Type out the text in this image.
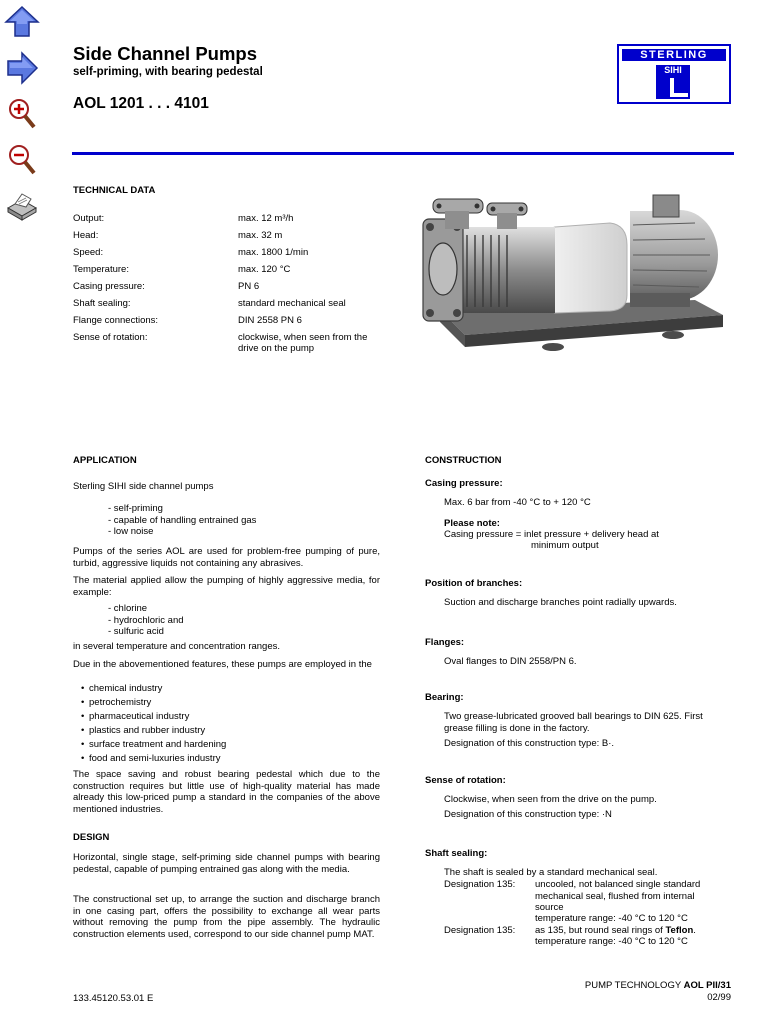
Side Channel Pumps
self-priming, with bearing pedestal
AOL 1201 . . . 4101
STERLING
SIHI
TECHNICAL DATA
Output:	max. 12 m³/h
Head:	max. 32 m
Speed:	max. 1800 1/min
Temperature:	max. 120 °C
Casing pressure:	PN 6
Shaft sealing:	standard mechanical seal
Flange connections:	DIN 2558 PN 6
Sense of rotation:	clockwise, when seen from the
drive on the pump
APPLICATION
Sterling SIHI side channel pumps
- self-priming
- capable of handling entrained gas
- low noise
Pumps of the series AOL are used for problem-free pumping of pure, turbid, aggressive liquids not containing any abrasives.
The material applied allow the pumping of highly aggressive media, for example:
- chlorine
- hydrochloric and
- sulfuric acid
in several temperature and concentration ranges.
Due in the abovementioned features, these pumps are employed in the
• chemical industry
• petrochemistry
• pharmaceutical industry
• plastics and rubber industry
• surface treatment and hardening
• food and semi-luxuries industry
The space saving and robust bearing pedestal which due to the construction requires but little use of high-quality material has made already this low-priced pump a standard in the companies of the above mentioned industries.
DESIGN
Horizontal, single stage, self-priming side channel pumps with bearing pedestal, capable of pumping entrained gas along with the media.
The constructional set up, to arrange the suction and discharge branch in one casing part, offers the possibility to exchange all wear parts without removing the pump from the pipe assembly. The hydraulic construction elements used, correspond to our side channel pump MAT.
CONSTRUCTION
Casing pressure:
Max. 6 bar from -40 °C to + 120 °C
Please note:
Casing pressure = inlet pressure + delivery head at
minimum output
Position of branches:
Suction and discharge branches point radially upwards.
Flanges:
Oval flanges to DIN 2558/PN 6.
Bearing:
Two grease-lubricated grooved ball bearings to DIN 625. First grease filling is done in the factory.
Designation of this construction type: B·.
Sense of rotation:
Clockwise, when seen from the drive on the pump.
Designation of this construction type: ·N
Shaft sealing:
The shaft is sealed by a standard mechanical seal.
Designation 135: uncooled, not balanced single standard mechanical seal, flushed from internal source
temperature range: -40 °C to 120 °C
Designation 135: as 135, but round seal rings of Teflon.
temperature range: -40 °C to 120 °C
133.45120.53.01 E
PUMP TECHNOLOGY AOL PII/31
02/99
